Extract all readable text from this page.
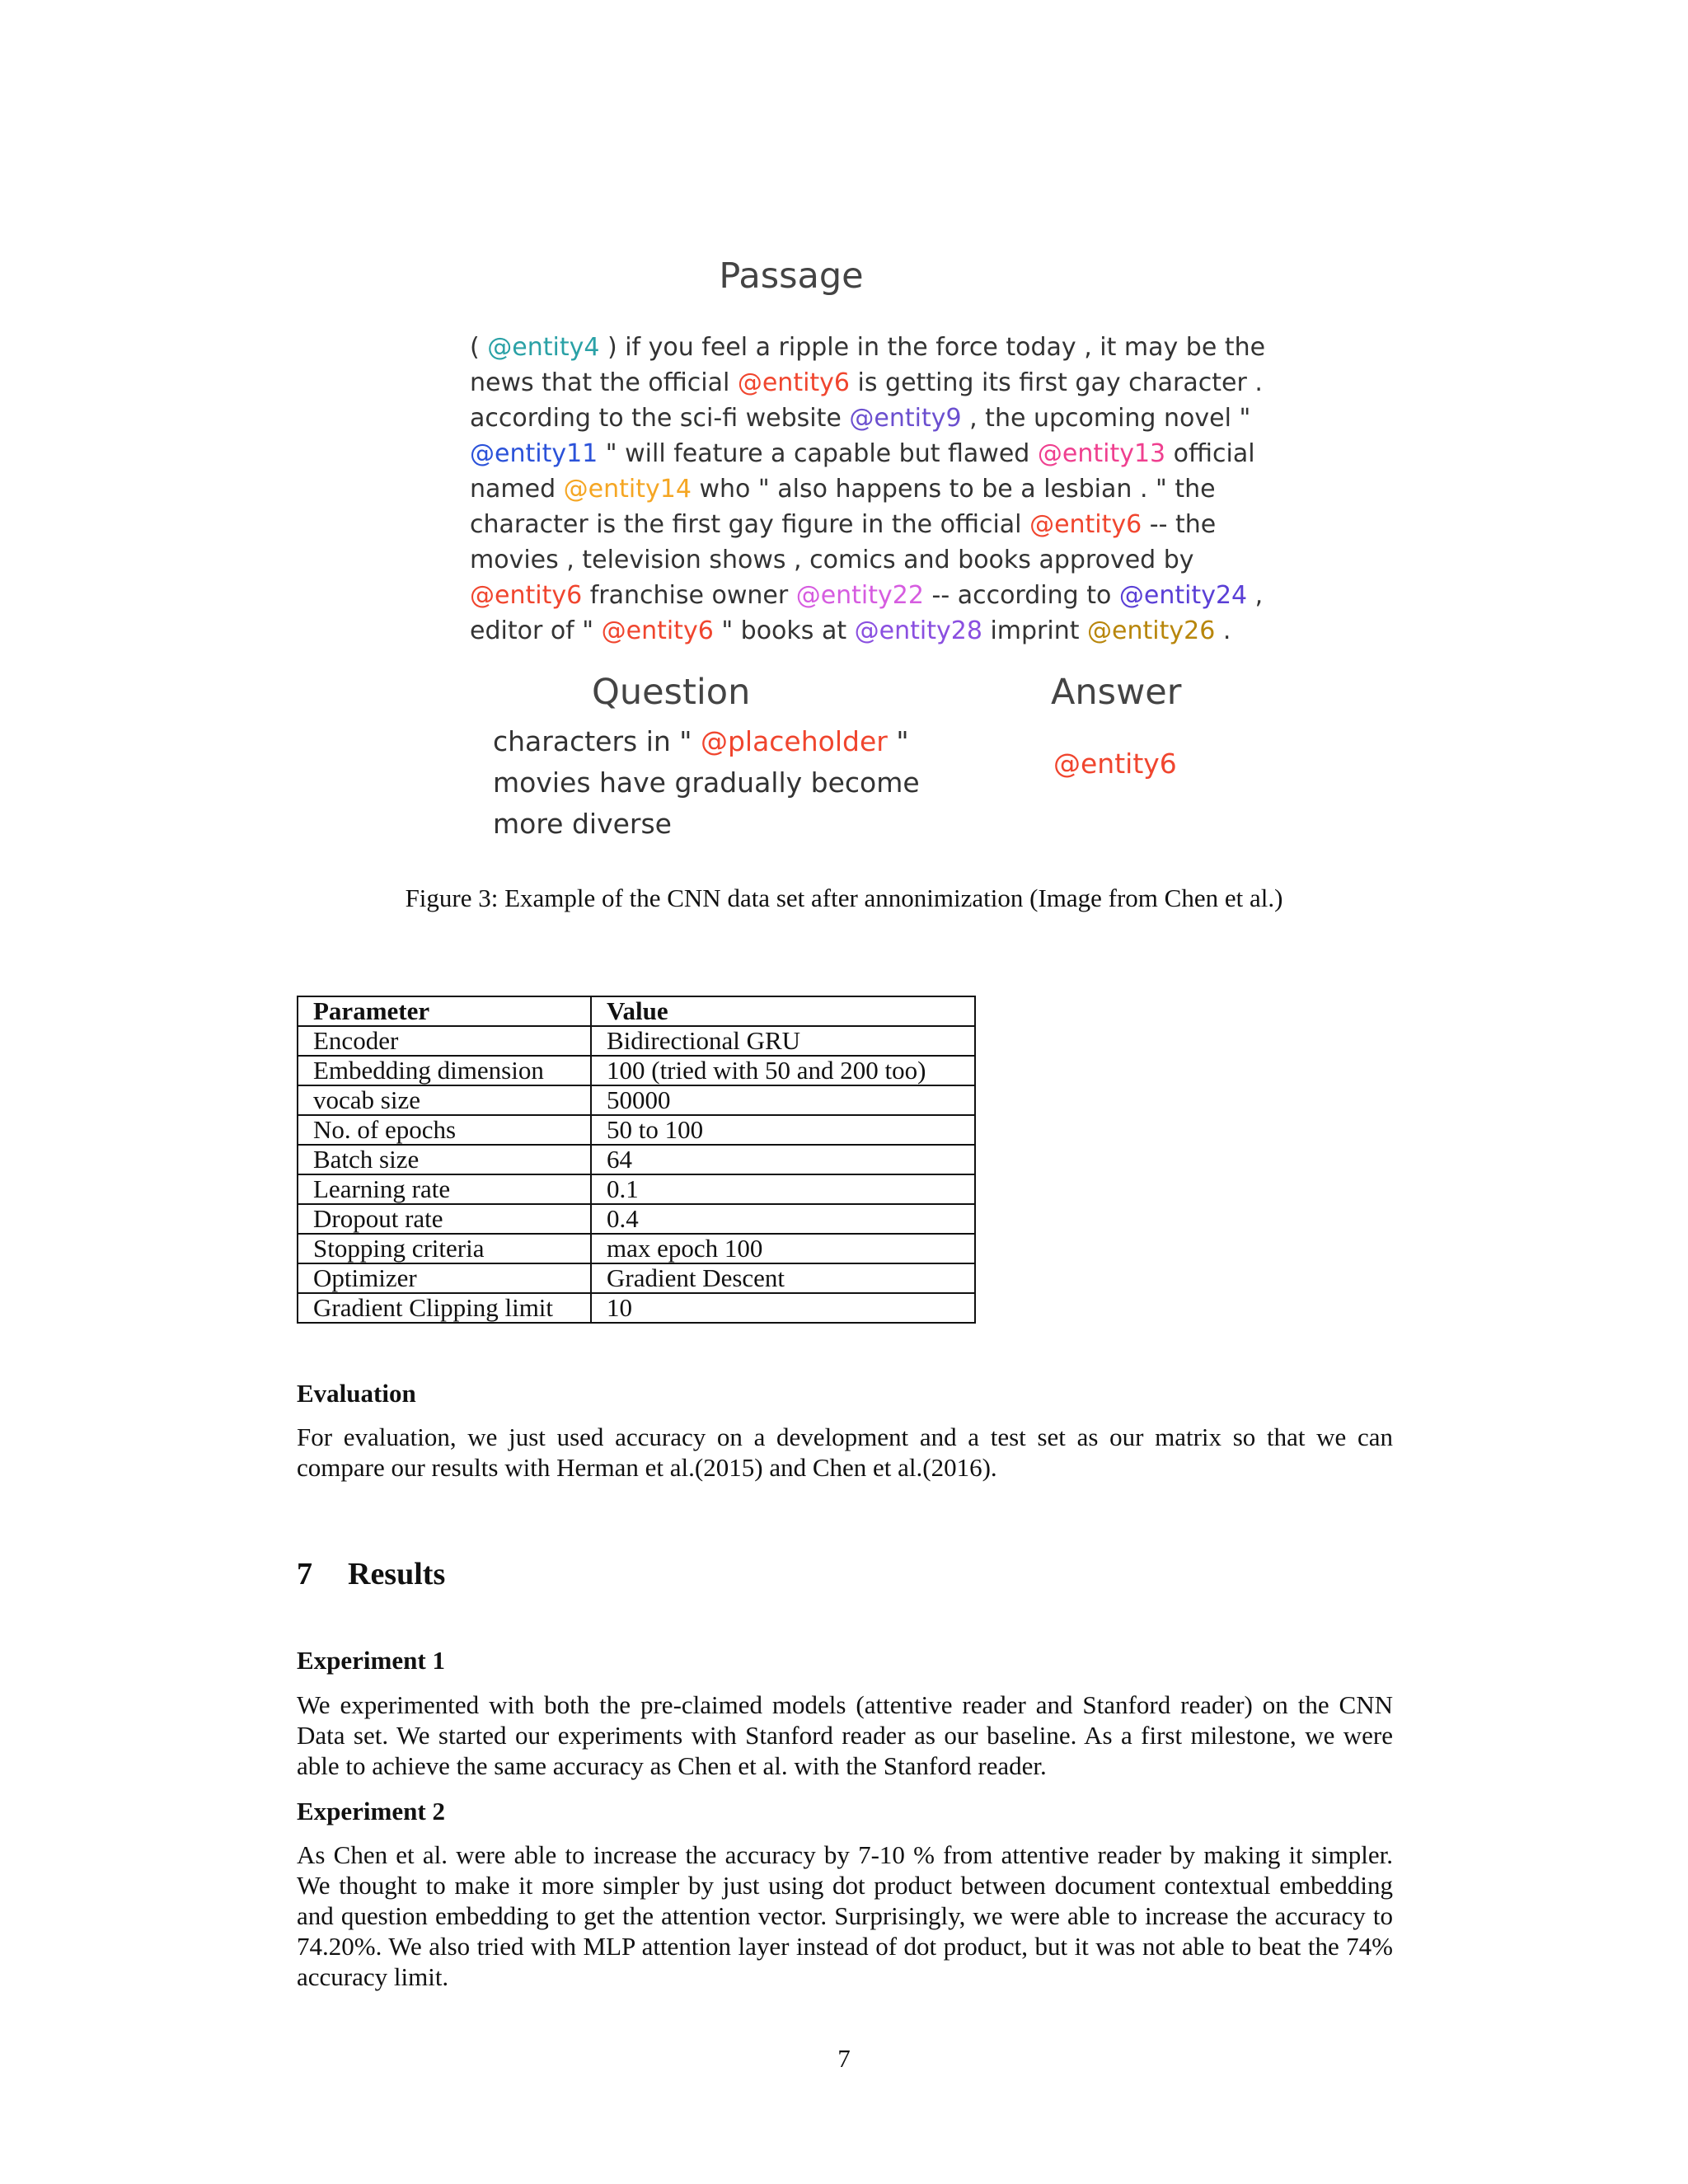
Passage
( @entity4 ) if you feel a ripple in the force today , it may be the
news that the official @entity6 is getting its first gay character .
according to the sci-fi website @entity9 , the upcoming novel "
@entity11 " will feature a capable but flawed @entity13 official
named @entity14 who " also happens to be a lesbian . " the
character is the first gay figure in the official @entity6 -- the
movies , television shows , comics and books approved by
@entity6 franchise owner @entity22 -- according to @entity24 ,
editor of " @entity6 " books at @entity28 imprint @entity26 .
Question	Answer
characters in " @placeholder "
movies have gradually become
more diverse
@entity6
Figure 3: Example of the CNN data set after annonimization (Image from Chen et al.)
Parameter	Value
Encoder	Bidirectional GRU
Embedding dimension	100 (tried with 50 and 200 too)
vocab size	50000
No. of epochs	50 to 100
Batch size	64
Learning rate	0.1
Dropout rate	0.4
Stopping criteria	max epoch 100
Optimizer	Gradient Descent
Gradient Clipping limit	10
Evaluation
For evaluation, we just used accuracy on a development and a test set as our matrix so that we can compare our results with Herman et al.(2015) and Chen et al.(2016).
7 Results
Experiment 1
We experimented with both the pre-claimed models (attentive reader and Stanford reader) on the CNN Data set. We started our experiments with Stanford reader as our baseline. As a first milestone, we were able to achieve the same accuracy as Chen et al. with the Stanford reader.
Experiment 2
As Chen et al. were able to increase the accuracy by 7-10 % from attentive reader by making it simpler. We thought to make it more simpler by just using dot product between document contextual embedding and question embedding to get the attention vector. Surprisingly, we were able to increase the accuracy to 74.20%. We also tried with MLP attention layer instead of dot product, but it was not able to beat the 74% accuracy limit.
7
